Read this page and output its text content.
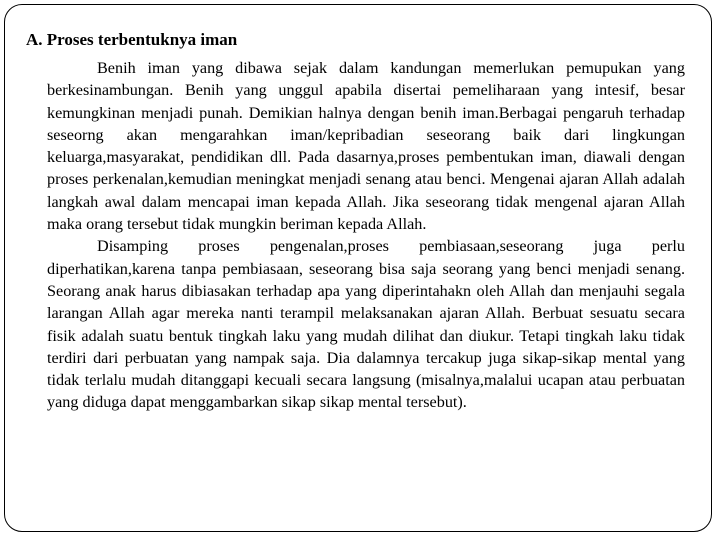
A. Proses terbentuknya iman

Benih iman yang dibawa sejak dalam kandungan memerlukan pemupukan yang berkesinambungan. Benih yang unggul apabila disertai pemeliharaan yang intesif, besar kemungkinan menjadi punah. Demikian halnya dengan benih iman.Berbagai pengaruh terhadap seseorng akan mengarahkan iman/kepribadian seseorang baik dari lingkungan keluarga,masyarakat, pendidikan dll. Pada dasarnya,proses pembentukan iman, diawali dengan proses perkenalan,kemudian meningkat menjadi senang atau benci. Mengenai ajaran Allah adalah langkah awal dalam mencapai iman kepada Allah. Jika seseorang tidak mengenal ajaran Allah maka orang tersebut tidak mungkin beriman kepada Allah.

Disamping proses pengenalan,proses pembiasaan,seseorang juga perlu diperhatikan,karena tanpa pembiasaan, seseorang bisa saja seorang yang benci menjadi senang. Seorang anak harus dibiasakan terhadap apa yang diperintahakn oleh Allah dan menjauhi segala larangan Allah agar mereka nanti terampil melaksanakan ajaran Allah. Berbuat sesuatu secara fisik adalah suatu bentuk tingkah laku yang mudah dilihat dan diukur. Tetapi tingkah laku tidak terdiri dari perbuatan yang nampak saja. Dia dalamnya tercakup juga sikap-sikap mental yang tidak terlalu mudah ditanggapi kecuali secara langsung (misalnya,malalui ucapan atau perbuatan yang diduga dapat menggambarkan sikap sikap mental tersebut).
